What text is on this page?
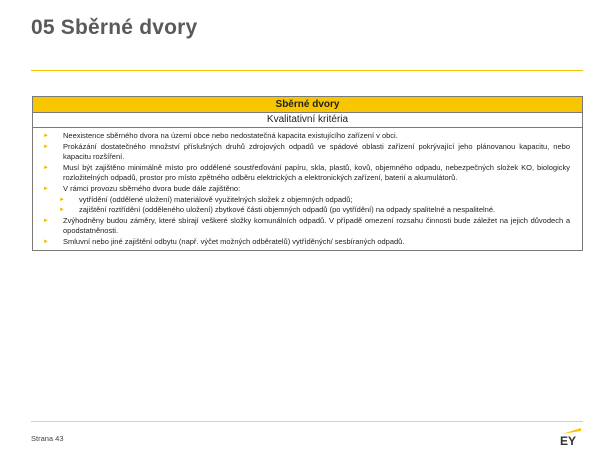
05 Sběrné dvory
Sběrné dvory
Kvalitativní kritéria
► Neexistence sběrného dvora na území obce nebo nedostatečná kapacita existujícího zařízení v obci.
► Prokázání dostatečného množství příslušných druhů zdrojových odpadů ve spádové oblasti zařízení pokrývající jeho plánovanou kapacitu, nebo kapacitu rozšíření.
► Musí být zajištěno minimálně místo pro oddělené soustřeďování papíru, skla, plastů, kovů, objemného odpadu, nebezpečných složek KO, biologicky rozložitelných odpadů, prostor pro místo zpětného odběru elektrických a elektronických zařízení, baterií a akumulátorů.
► V rámci provozu sběrného dvora bude dále zajištěno:
► vytřídění (oddělené uložení) materiálově využitelných složek z objemných odpadů;
► zajištění roztřídění (odděleného uložení) zbytkové části objemných odpadů (po vytřídění) na odpady spalitelné a nespalitelné.
► Zvýhodněny budou záměry, které sbírají veškeré složky komunálních odpadů. V případě omezení rozsahu činnosti bude záležet na jejich důvodech a opodstatněnosti.
► Smluvní nebo jiné zajištění odbytu (např. výčet možných odběratelů) vytříděných/ sesbíraných odpadů.
Strana 43	EY
